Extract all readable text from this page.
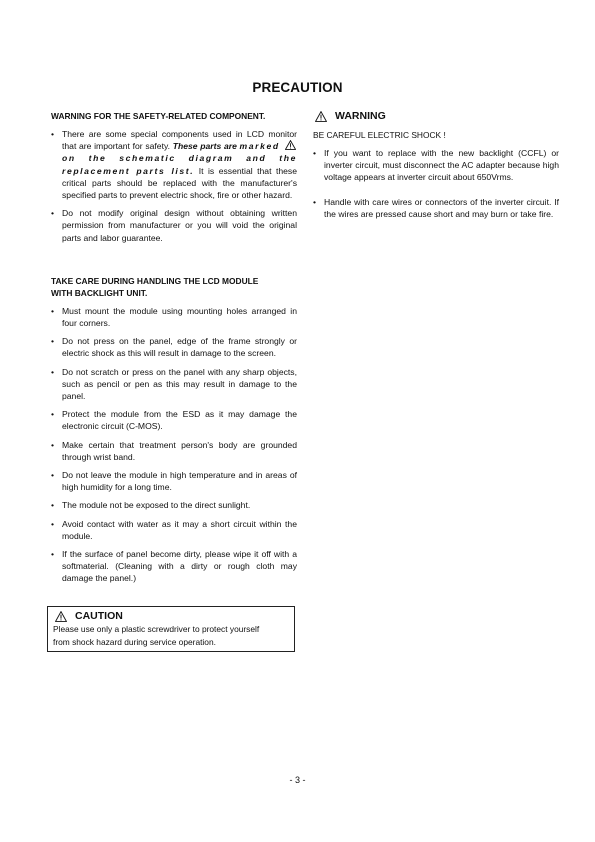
PRECAUTION

WARNING FOR THE SAFETY-RELATED COMPONENT.

• There are some special components used in LCD monitor that are important for safety. These parts are marked
on the schematic diagram and the replacement parts list. It is essential that these critical parts should be replaced with the manufacturer's specified parts to prevent electric shock, fire or other hazard.
• Do not modify original design without obtaining written permission from manufacturer or you will void the original parts and labor guarantee.

TAKE CARE DURING HANDLING THE LCD MODULE
WITH BACKLIGHT UNIT.

• Must mount the module using mounting holes arranged in four corners.
• Do not press on the panel, edge of the frame strongly or electric shock as this will result in damage to the screen.
• Do not scratch or press on the panel with any sharp objects, such as pencil or pen as this may result in damage to the panel.
• Protect the module from the ESD as it may damage the electronic circuit (C-MOS).
• Make certain that treatment person's body are grounded through wrist band.
• Do not leave the module in high temperature and in areas of high humidity for a long time.
• The module not be exposed to the direct sunlight.
• Avoid contact with water as it may a short circuit within the module.
• If the surface of panel become dirty, please wipe it off with a softmaterial. (Cleaning with a dirty or rough cloth may damage the panel.)
CAUTION
Please use only a plastic screwdriver to protect yourself
from shock hazard during service operation.
WARNING
BE CAREFUL ELECTRIC SHOCK !
• If you want to replace with the new backlight (CCFL) or inverter circuit, must disconnect the AC adapter because high voltage appears at inverter circuit about 650Vrms.
• Handle with care wires or connectors of the inverter circuit. If the wires are pressed cause short and may burn or take fire.
- 3 -
